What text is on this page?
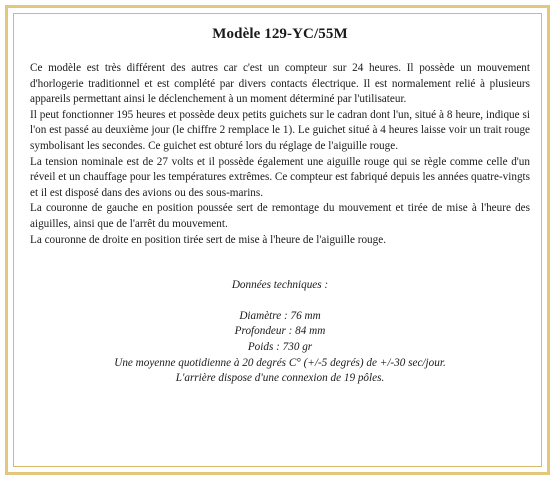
Modèle 129-YC/55M

Ce modèle est très différent des autres car c'est un compteur sur 24 heures. Il possède un mouvement d'horlogerie traditionnel et est complété par divers contacts électrique. Il est normalement relié à plusieurs appareils permettant ainsi le déclenchement à un moment déterminé par l'utilisateur.

Il peut fonctionner 195 heures et possède deux petits guichets sur le cadran dont l'un, situé à 8 heure, indique si l'on est passé au deuxième jour (le chiffre 2 remplace le 1). Le guichet situé à 4 heures laisse voir un trait rouge symbolisant les secondes. Ce guichet est obturé lors du réglage de l'aiguille rouge.

La tension nominale est de 27 volts et il possède également une aiguille rouge qui se règle comme celle d'un réveil et un chauffage pour les températures extrêmes. Ce compteur est fabriqué depuis les années quatre-vingts et il est disposé dans des avions ou des sous-marins.

La couronne de gauche en position poussée sert de remontage du mouvement et tirée de mise à l'heure des aiguilles, ainsi que de l'arrêt du mouvement.

La couronne de droite en position tirée sert de mise à l'heure de l'aiguille rouge.

Données techniques :
Diamètre : 76 mm
Profondeur : 84 mm
Poids : 730 gr
Une moyenne quotidienne à 20 degrés C° (+/-5 degrés) de +/-30 sec/jour.
L'arrière dispose d'une connexion de 19 pôles.
